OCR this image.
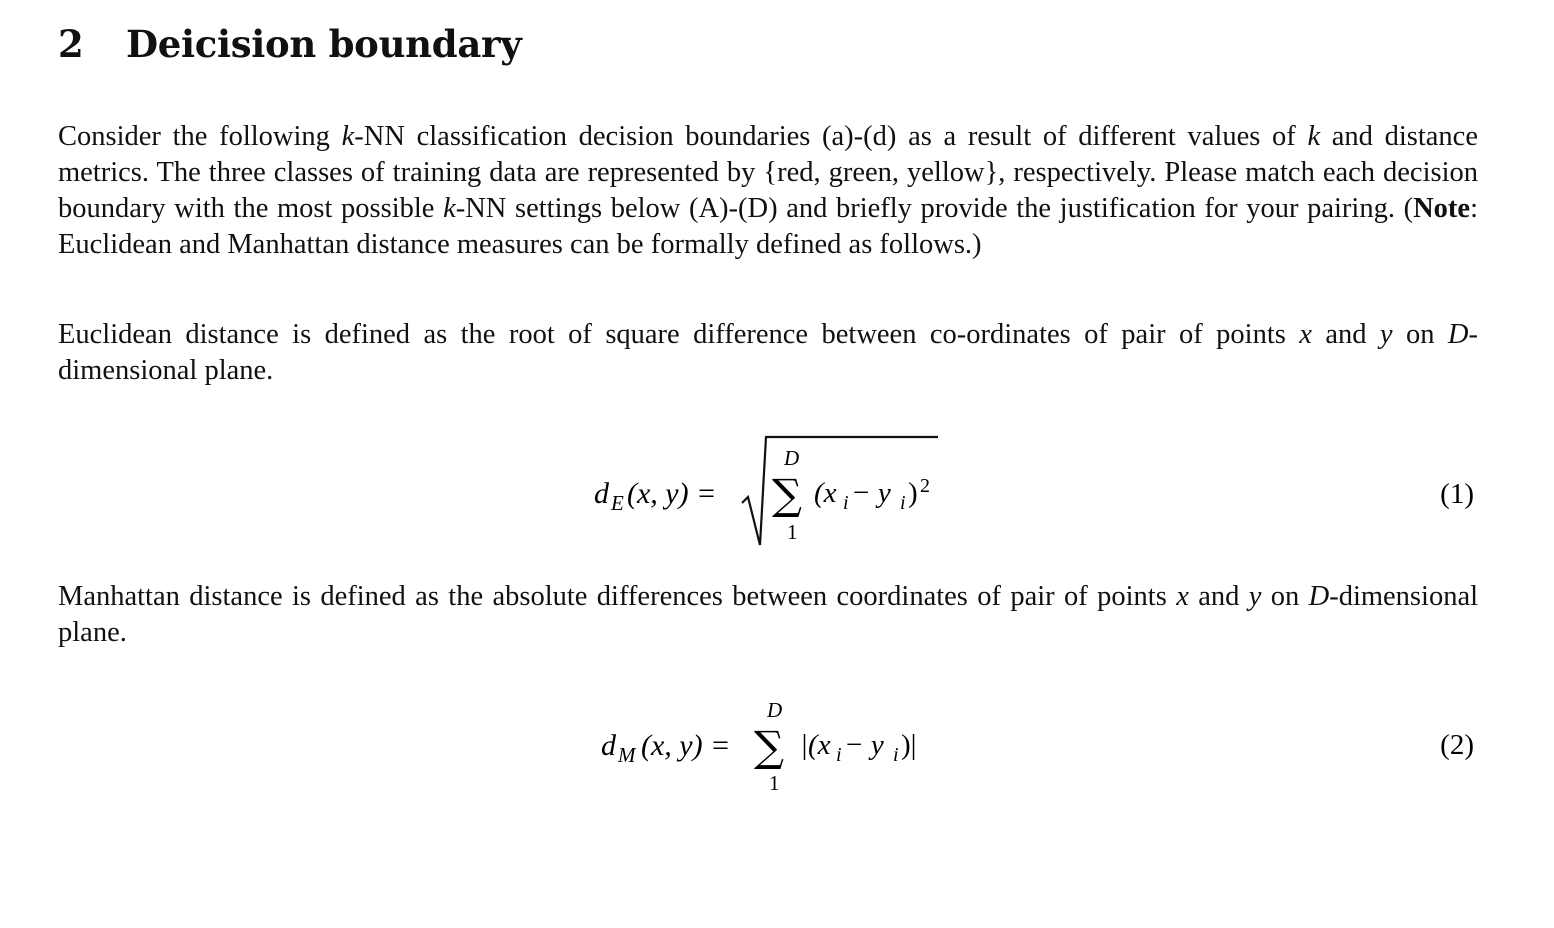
2 Deicision boundary

Consider the following k-NN classification decision boundaries (a)-(d) as a result of different values of k and distance metrics. The three classes of training data are represented by {red, green, yellow}, respectively. Please match each decision boundary with the most possible k-NN settings below (A)-(D) and briefly provide the justification for your pairing. (Note: Euclidean and Manhattan distance measures can be formally defined as follows.)

Euclidean distance is defined as the root of square difference between co-ordinates of pair of points x and y on D-dimensional plane.

d E (x, y) =
D
∑
1
(x i − y i ) 2	(1)

Manhattan distance is defined as the absolute differences between coordinates of pair of points x and y on D-dimensional plane.

d M (x, y) =
D
∑
1
|(x i − y i )|	(2)
